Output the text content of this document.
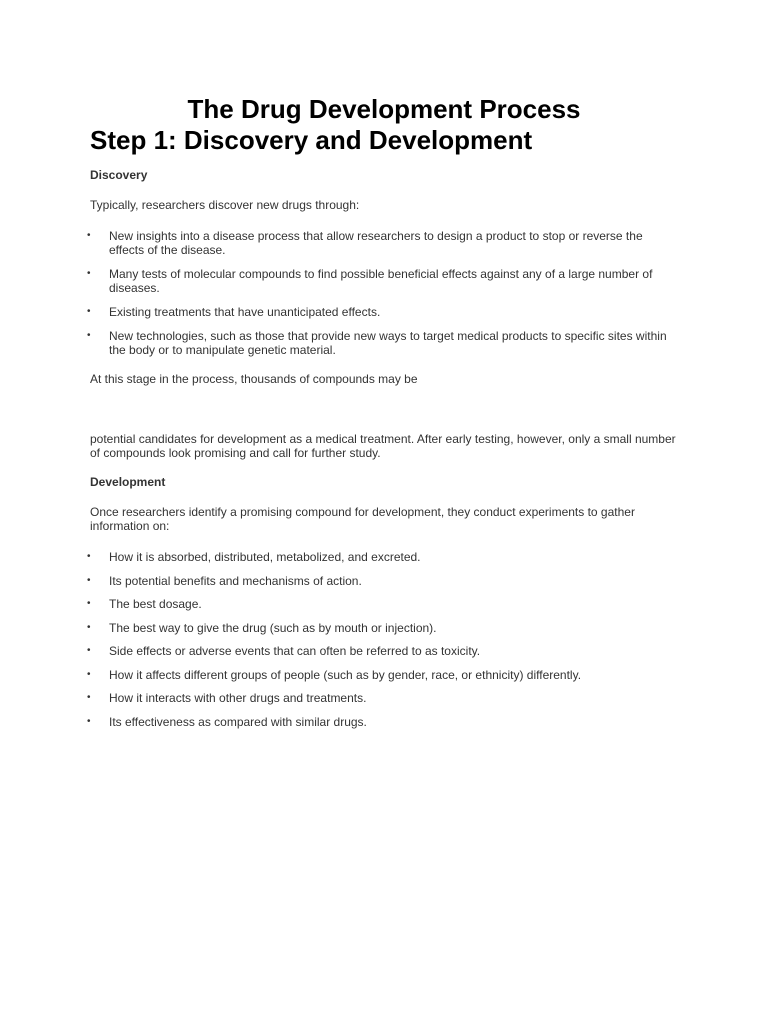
The Drug Development Process
Step 1: Discovery and Development
Discovery

Typically, researchers discover new drugs through:

• New insights into a disease process that allow researchers to design a product to stop or reverse the effects of the disease.
• Many tests of molecular compounds to find possible beneficial effects against any of a large number of diseases.
• Existing treatments that have unanticipated effects.
• New technologies, such as those that provide new ways to target medical products to specific sites within the body or to manipulate genetic material.

At this stage in the process, thousands of compounds may be

potential candidates for development as a medical treatment. After early testing, however, only a small number of compounds look promising and call for further study.

Development

Once researchers identify a promising compound for development, they conduct experiments to gather information on:

• How it is absorbed, distributed, metabolized, and excreted.
• Its potential benefits and mechanisms of action.
• The best dosage.
• The best way to give the drug (such as by mouth or injection).
• Side effects or adverse events that can often be referred to as toxicity.
• How it affects different groups of people (such as by gender, race, or ethnicity) differently.
• How it interacts with other drugs and treatments.
• Its effectiveness as compared with similar drugs.
